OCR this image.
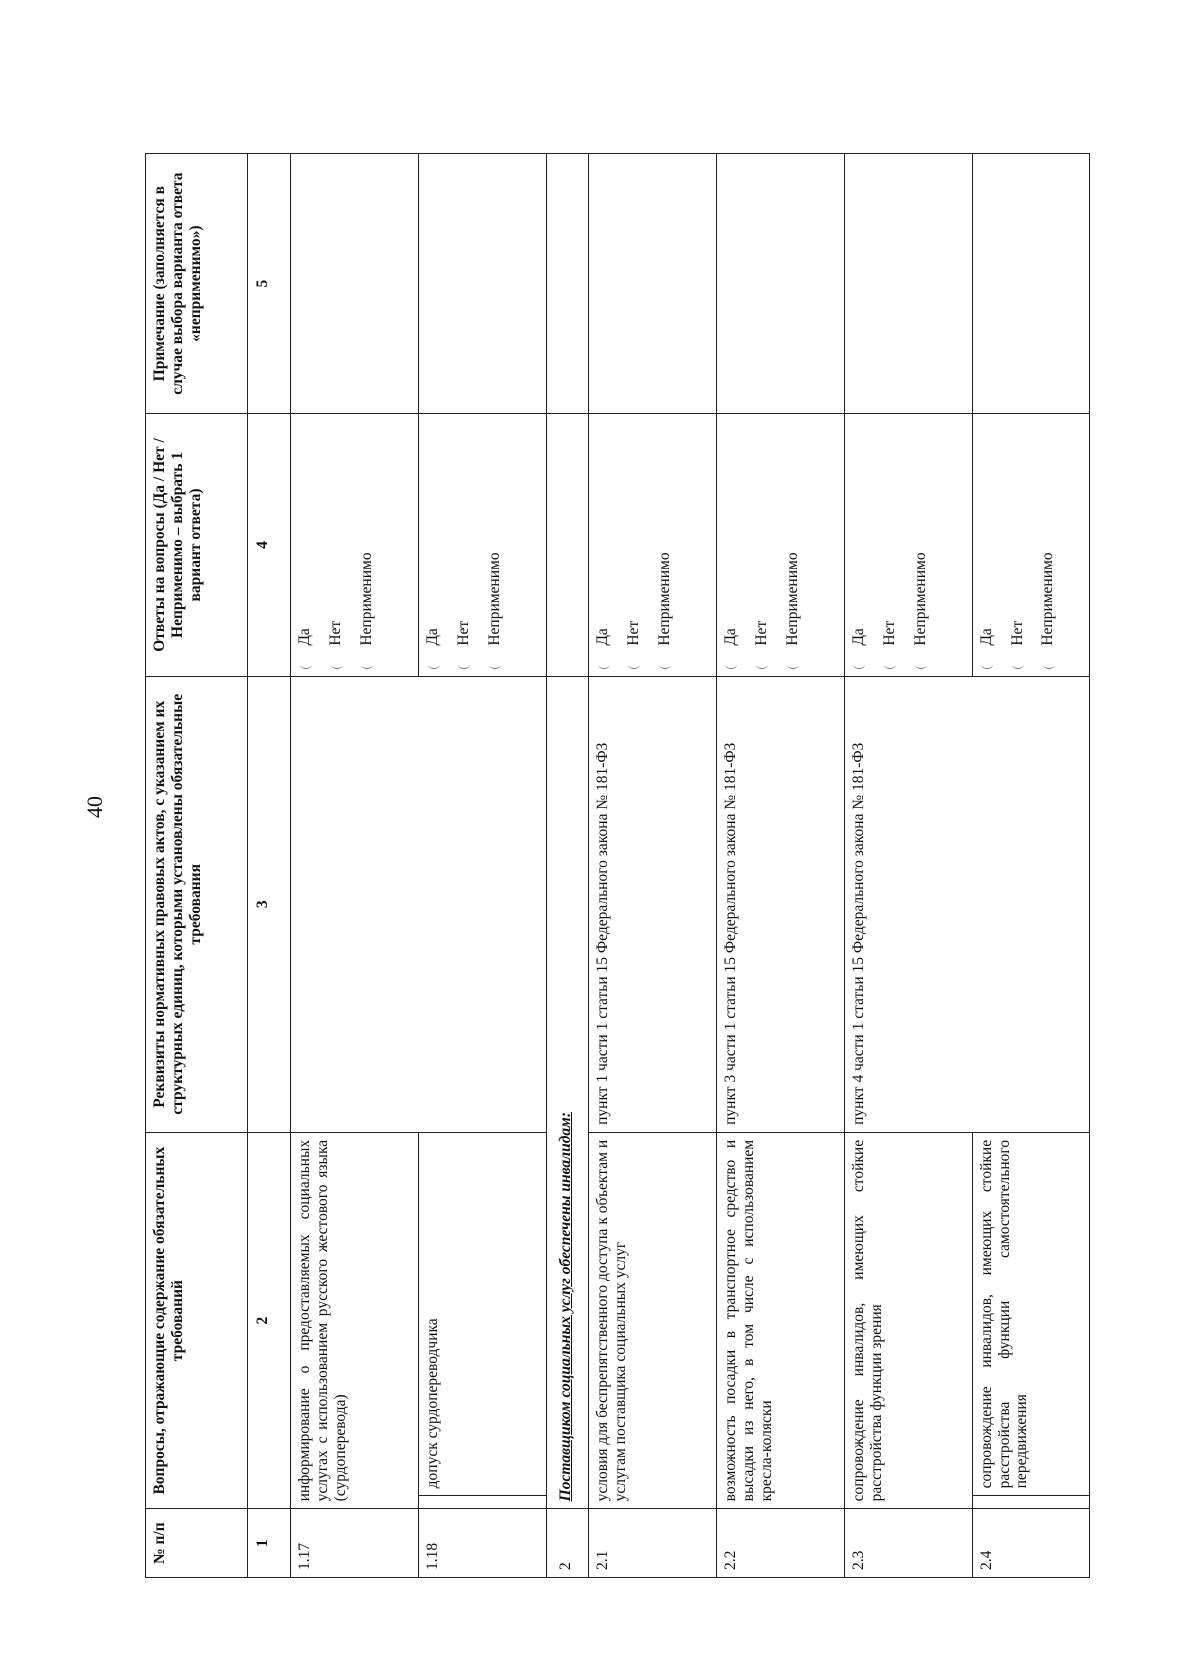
40
№ п/п	Вопросы, отражающие содержание обязательных требований	Реквизиты нормативных правовых актов, с указанием их структурных единиц, которыми установлены обязательные требования	Ответы на вопросы (Да / Нет / Неприменимо – выбрать 1 вариант ответа)	Примечание (заполняется в случае выбора варианта ответа «неприменимо»)
1	2	3	4	5
1.17	информирование о предоставляемых социальных услугах с использованием русского жестового языка (сурдоперевода)		Да Нет Неприменимо	

1.18	допуск сурдопереводчика		Да Нет Неприменимо	

2	Поставщиком социальных услуг обеспечены инвалидам:			
2.1	условия для беспрепятственного доступа к объектам и услугам поставщика социальных услуг	пункт 1 части 1 статьи 15 Федерального закона № 181-ФЗ	Да Нет Неприменимо	

2.2	возможность посадки в транспортное средство и высадки из него, в том числе с использованием кресла-коляски	пункт 3 части 1 статьи 15 Федерального закона № 181-ФЗ	Да Нет Неприменимо	

2.3	сопровождение инвалидов, имеющих стойкие расстройства функции зрения	пункт 4 части 1 статьи 15 Федерального закона № 181-ФЗ	Да Нет Неприменимо	

2.4	сопровождение инвалидов, имеющих стойкие расстройства функции самостоятельного передвижения		Да Нет Неприменимо	
